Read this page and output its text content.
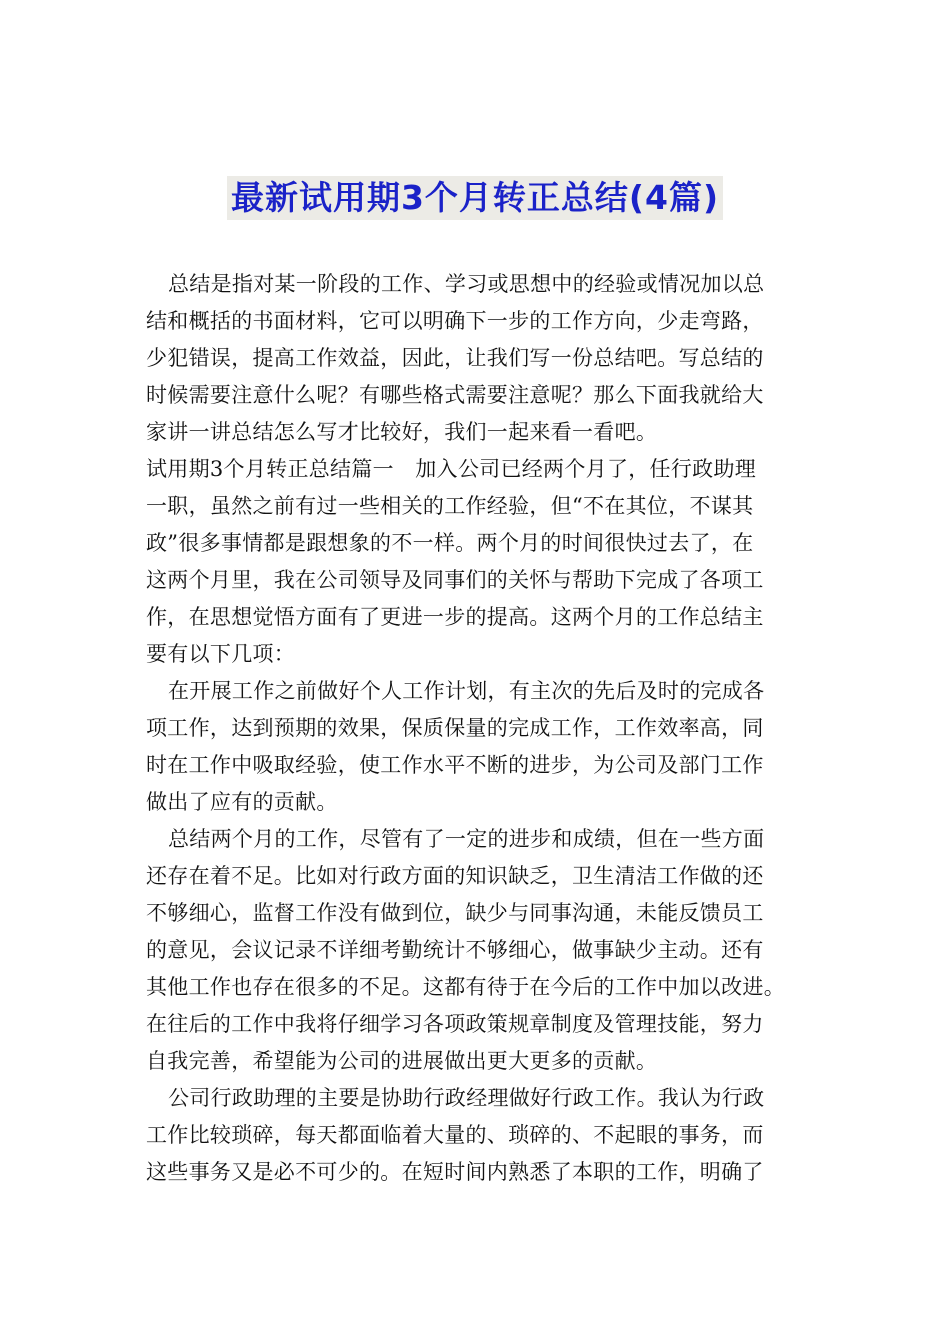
最新试用期3个月转正总结(4篇)
总结是指对某一阶段的工作、学习或思想中的经验或情况加以总
结和概括的书面材料，它可以明确下一步的工作方向，少走弯路，
少犯错误，提高工作效益，因此，让我们写一份总结吧。写总结的
时候需要注意什么呢？有哪些格式需要注意呢？那么下面我就给大
家讲一讲总结怎么写才比较好，我们一起来看一看吧。
试用期3个月转正总结篇一　加入公司已经两个月了，任行政助理
一职，虽然之前有过一些相关的工作经验，但“不在其位，不谋其
政”很多事情都是跟想象的不一样。两个月的时间很快过去了，在
这两个月里，我在公司领导及同事们的关怀与帮助下完成了各项工
作，在思想觉悟方面有了更进一步的提高。这两个月的工作总结主
要有以下几项：
在开展工作之前做好个人工作计划，有主次的先后及时的完成各
项工作，达到预期的效果，保质保量的完成工作，工作效率高，同
时在工作中吸取经验，使工作水平不断的进步，为公司及部门工作
做出了应有的贡献。
总结两个月的工作，尽管有了一定的进步和成绩，但在一些方面
还存在着不足。比如对行政方面的知识缺乏，卫生清洁工作做的还
不够细心，监督工作没有做到位，缺少与同事沟通，未能反馈员工
的意见，会议记录不详细考勤统计不够细心，做事缺少主动。还有
其他工作也存在很多的不足。这都有待于在今后的工作中加以改进。
在往后的工作中我将仔细学习各项政策规章制度及管理技能，努力
自我完善，希望能为公司的进展做出更大更多的贡献。
公司行政助理的主要是协助行政经理做好行政工作。我认为行政
工作比较琐碎，每天都面临着大量的、琐碎的、不起眼的事务，而
这些事务又是必不可少的。在短时间内熟悉了本职的工作，明确了
